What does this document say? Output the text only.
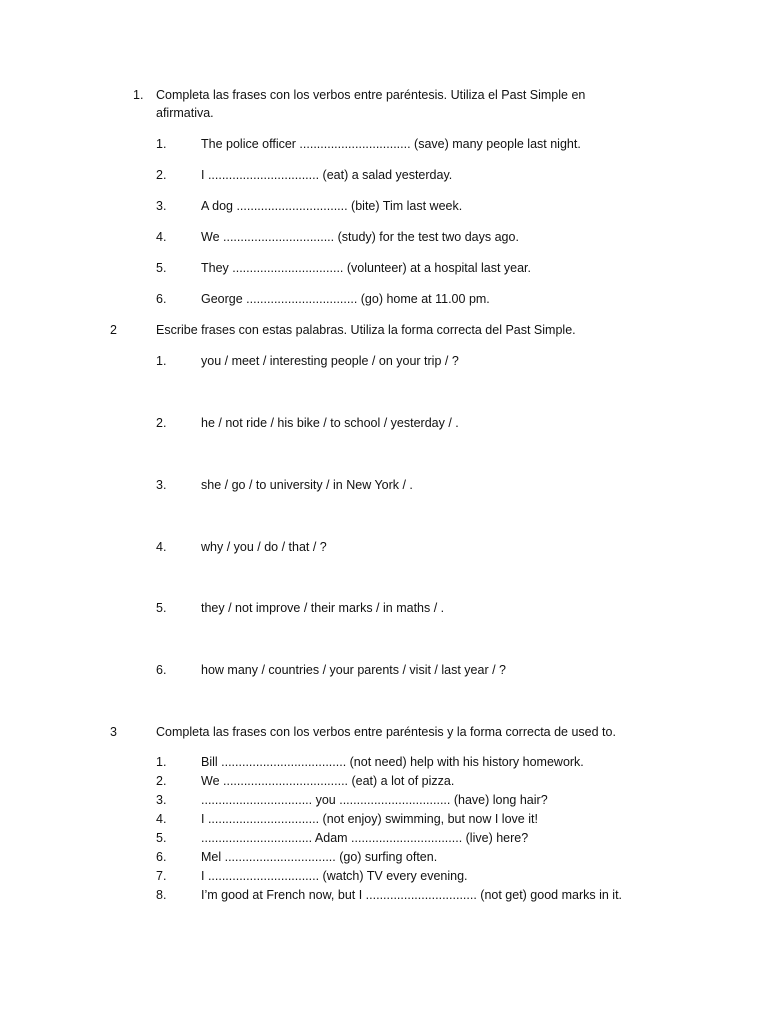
1. Completa las frases con los verbos entre paréntesis. Utiliza el Past Simple en
afirmativa.
1.	The police officer ................................ (save) many people last night.
2.	I ................................ (eat) a salad yesterday.
3.	A dog ................................ (bite) Tim last week.
4.	We ................................ (study) for the test two days ago.
5.	They ................................ (volunteer) at a hospital last year.
6.	George ................................ (go) home at 11.00 pm.
2	Escribe frases con estas palabras. Utiliza la forma correcta del Past Simple.
1.	you / meet / interesting people / on your trip / ?
2.	he / not ride / his bike / to school / yesterday / .
3.	she / go / to university / in New York / .
4.	why / you / do / that / ?
5.	they / not improve / their marks / in maths / .
6.	how many / countries / your parents / visit / last year / ?
3	Completa las frases con los verbos entre paréntesis y la forma correcta de used to.
1.	Bill .................................... (not need) help with his history homework.
2.	We .................................... (eat) a lot of pizza.
3.	................................ you ................................ (have) long hair?
4.	I ................................ (not enjoy) swimming, but now I love it!
5.	................................ Adam ................................ (live) here?
6.	Mel ................................ (go) surfing often.
7.	I ................................ (watch) TV every evening.
8.	I’m good at French now, but I ................................ (not get) good marks in it.
